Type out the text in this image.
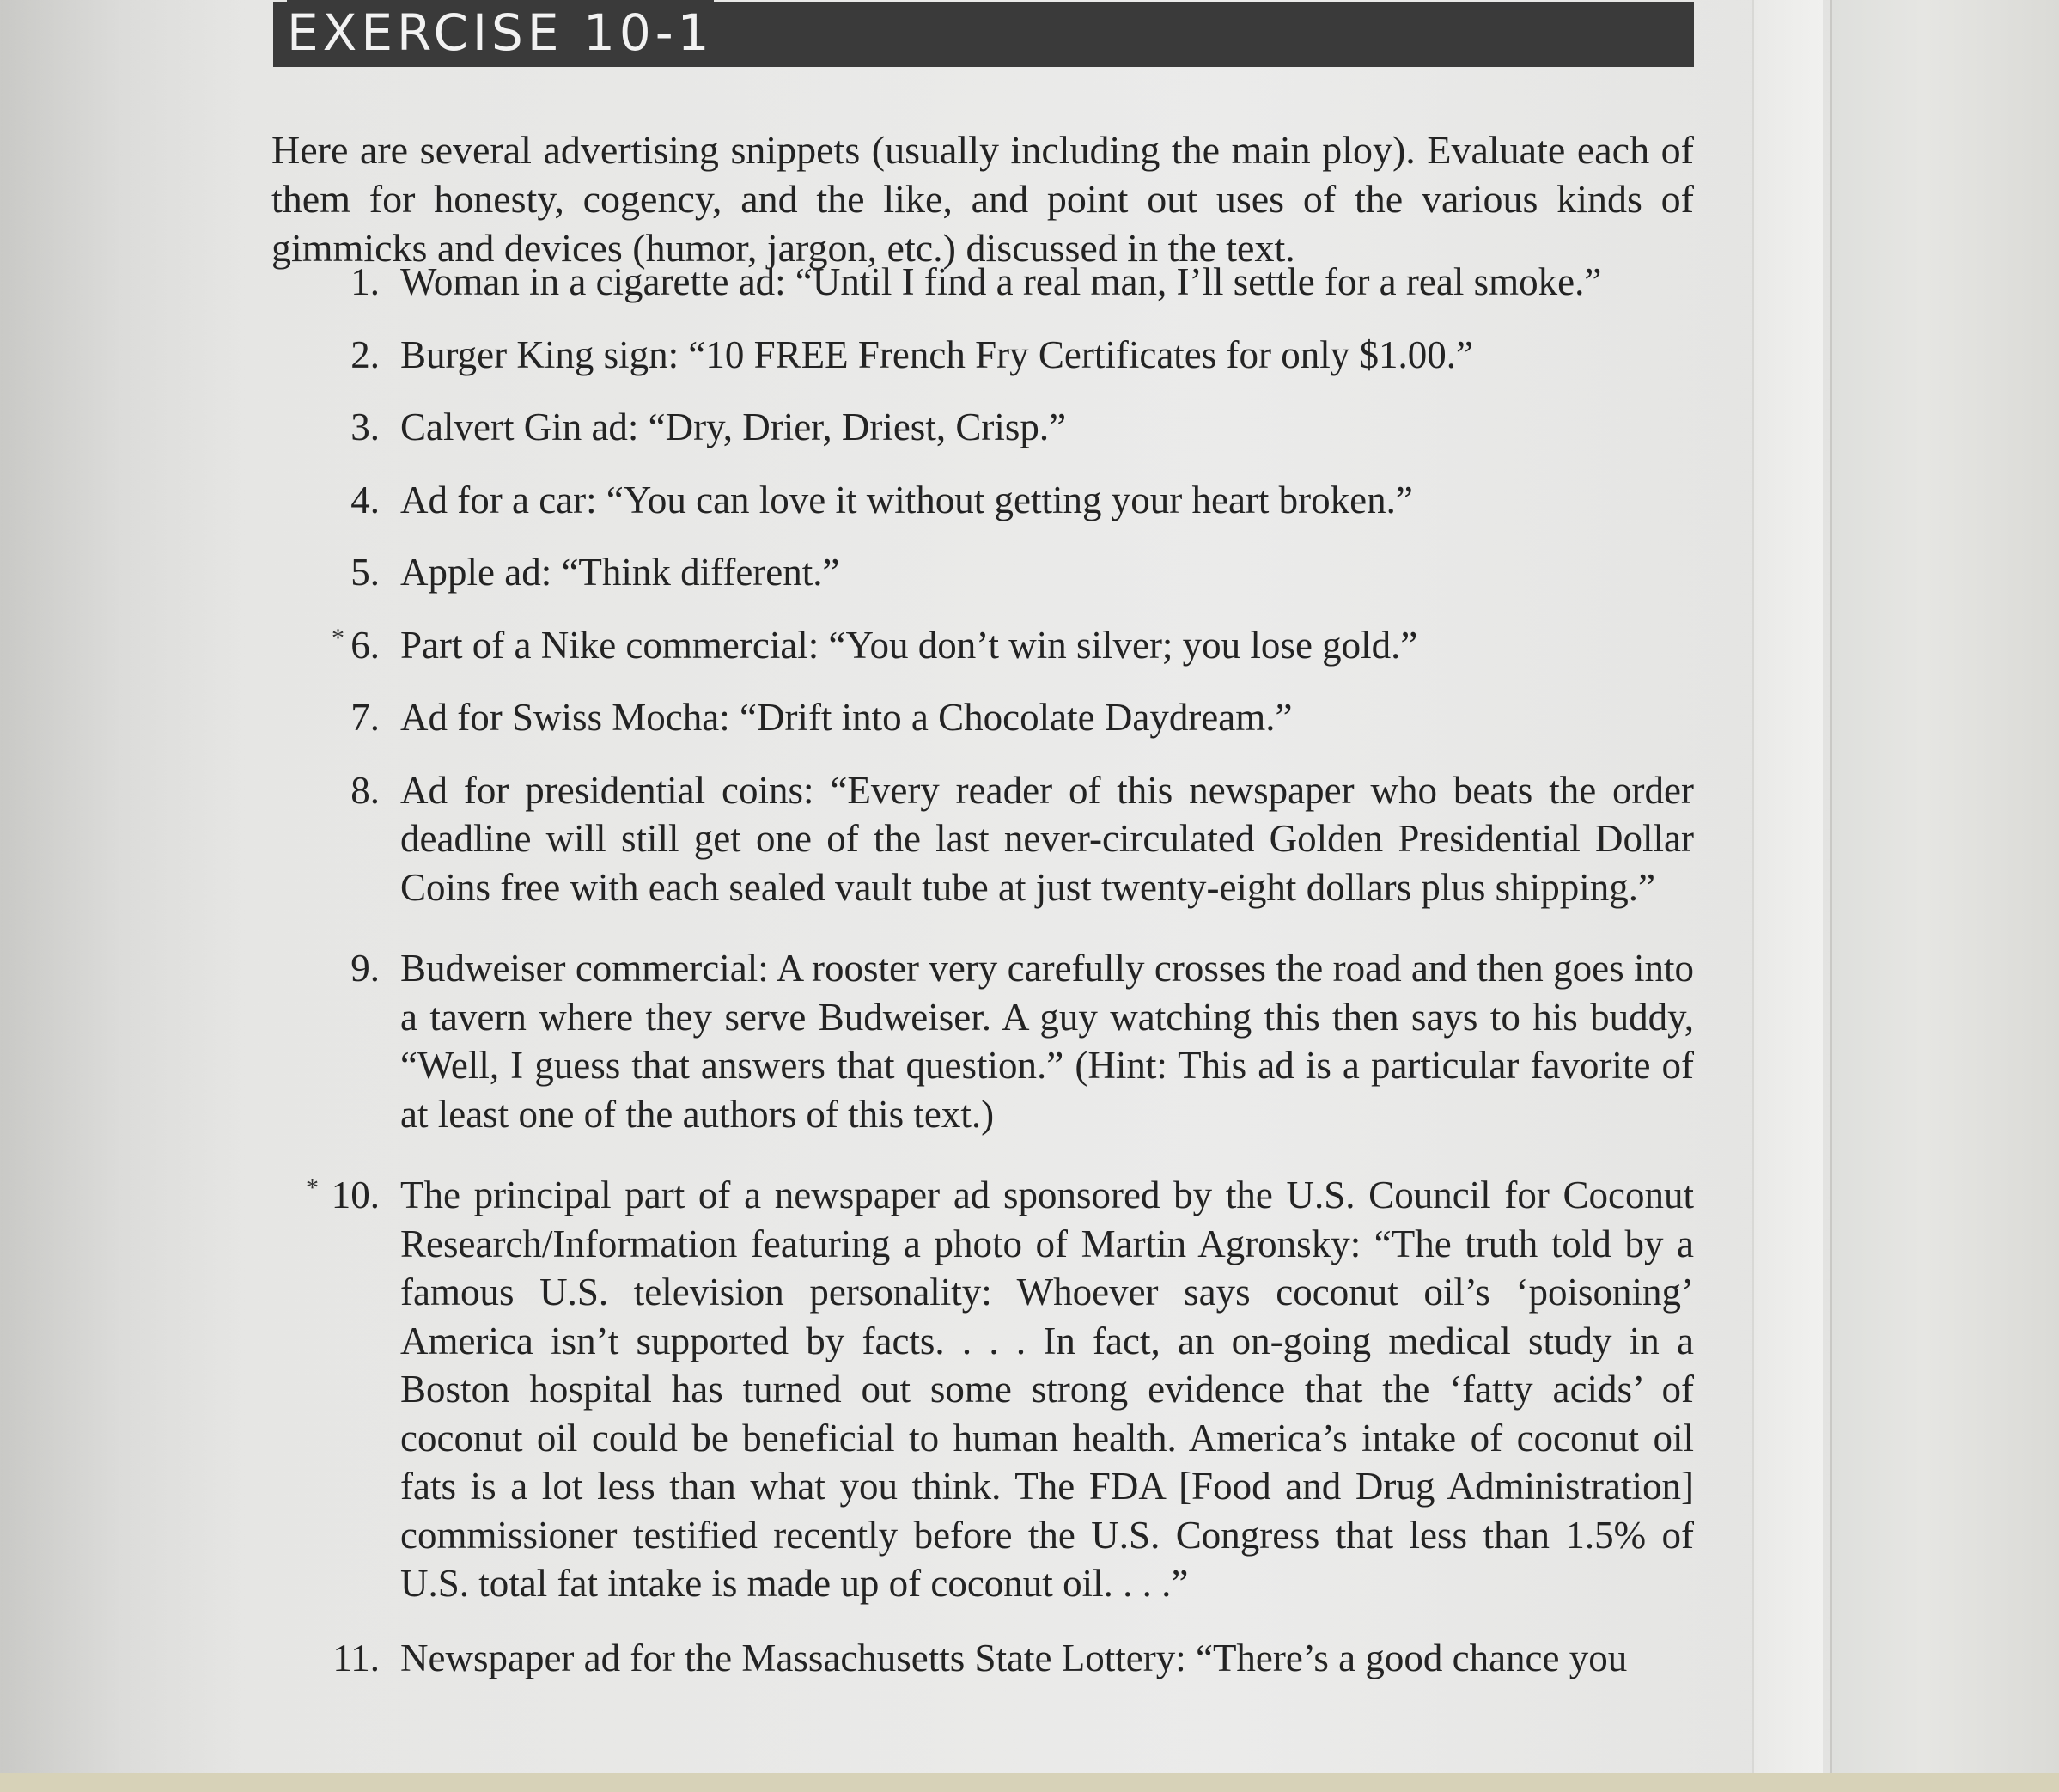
EXERCISE 10-1

Here are several advertising snippets (usually including the main ploy). Evaluate each of them for honesty, cogency, and the like, and point out uses of the various kinds of gimmicks and devices (humor, jargon, etc.) discussed in the text.

1. Woman in a cigarette ad: “Until I find a real man, I’ll settle for a real smoke.”
2. Burger King sign: “10 FREE French Fry Certificates for only $1.00.”
3. Calvert Gin ad: “Dry, Drier, Driest, Crisp.”
4. Ad for a car: “You can love it without getting your heart broken.”
5. Apple ad: “Think different.”
6.
* Part of a Nike commercial: “You don’t win silver; you lose gold.”
7. Ad for Swiss Mocha: “Drift into a Chocolate Daydream.”
8. Ad for presidential coins: “Every reader of this newspaper who beats the order deadline will still get one of the last never-circulated Golden Presidential Dollar Coins free with each sealed vault tube at just twenty-eight dollars plus shipping.”
9. Budweiser commercial: A rooster very carefully crosses the road and then goes into a tavern where they serve Budweiser. A guy watching this then says to his buddy, “Well, I guess that answers that question.” (Hint: This ad is a particular favorite of at least one of the authors of this text.)
10.
* The principal part of a newspaper ad sponsored by the U.S. Council for Coconut Research/Information featuring a photo of Martin Agronsky: “The truth told by a famous U.S. television personality: Whoever says coconut oil’s ‘poisoning’ America isn’t supported by facts. . . . In fact, an on-going medical study in a Boston hospital has turned out some strong evidence that the ‘fatty acids’ of coconut oil could be beneficial to human health. America’s intake of coconut oil fats is a lot less than what you think. The FDA [Food and Drug Administration] commissioner testified recently before the U.S. Congress that less than 1.5% of U.S. total fat intake is made up of coconut oil. . . .”
11. Newspaper ad for the Massachusetts State Lottery: “There’s a good chance you
